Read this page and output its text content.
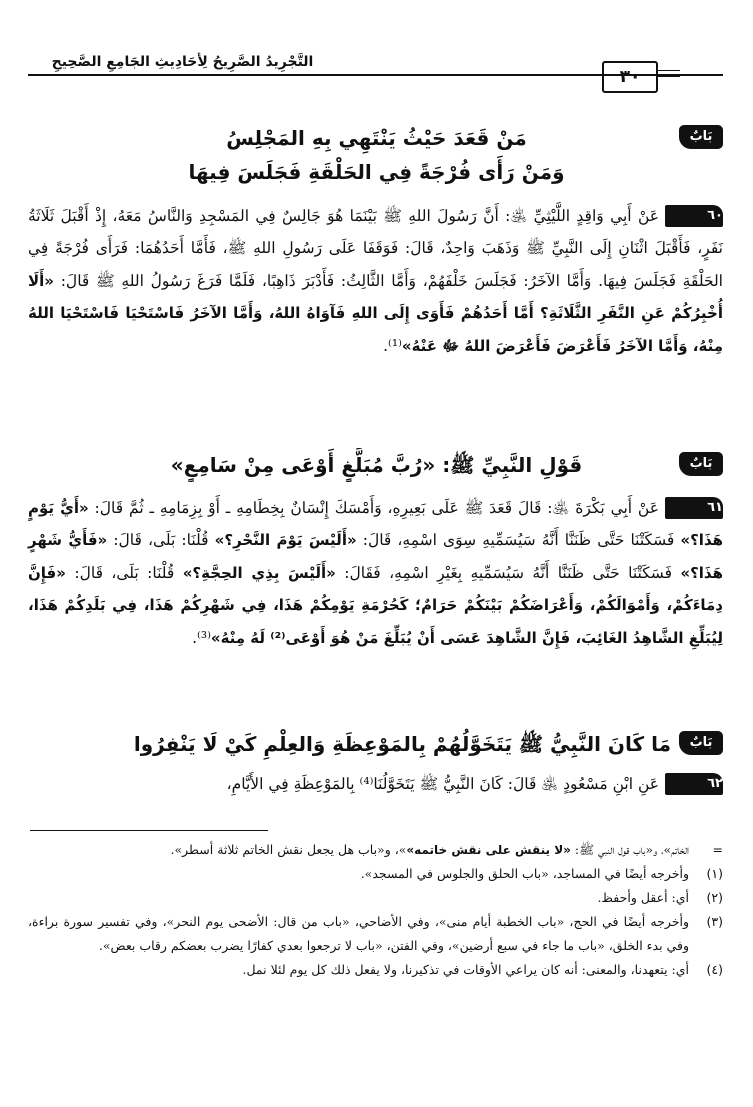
التَّجْرِيدُ الصَّرِيحُ لِأَحَادِيثِ الجَامِعِ الصَّحِيحِ
٣٠
بَابٌ
مَنْ قَعَدَ حَيْثُ يَنْتَهِي بِهِ المَجْلِسُ
وَمَنْ رَأَى فُرْجَةً فِي الحَلْقَةِ فَجَلَسَ فِيهَا
٦٠
عَنْ أَبِي وَاقِدٍ اللَّيْثِيِّ ﵁: أَنَّ رَسُولَ اللهِ ﷺ بَيْنَمَا هُوَ جَالِسٌ فِي المَسْجِدِ وَالنَّاسُ مَعَهُ، إِذْ أَقْبَلَ ثَلَاثَةُ نَفَرٍ، فَأَقْبَلَ اثْنَانِ إِلَى النَّبِيِّ ﷺ وَذَهَبَ وَاحِدٌ، قَالَ: فَوَقَفَا عَلَى رَسُولِ اللهِ ﷺ، فَأَمَّا أَحَدُهُمَا: فَرَأَى فُرْجَةً فِي الحَلْقَةِ فَجَلَسَ فِيهَا. وَأَمَّا الآخَرُ: فَجَلَسَ خَلْفَهُمْ، وَأَمَّا الثَّالِثُ: فَأَدْبَرَ ذَاهِبًا، فَلَمَّا فَرَغَ رَسُولُ اللهِ ﷺ قَالَ: «أَلَا أُخْبِرُكُمْ عَنِ النَّفَرِ الثَّلَاثَةِ؟ أَمَّا أَحَدُهُمْ فَأَوَى إِلَى اللهِ فَآوَاهُ اللهُ، وَأَمَّا الآخَرُ فَاسْتَحْيَا فَاسْتَحْيَا اللهُ مِنْهُ، وَأَمَّا الآخَرُ فَأَعْرَضَ فَأَعْرَضَ اللهُ ﷻ عَنْهُ»⁽¹⁾.
بَابٌ
قَوْلِ النَّبِيِّ ﷺ: «رُبَّ مُبَلَّغٍ أَوْعَى مِنْ سَامِعٍ»
٦١
عَنْ أَبِي بَكْرَةَ ﵁: قَالَ قَعَدَ ﷺ عَلَى بَعِيرِهِ، وَأَمْسَكَ إِنْسَانٌ بِخِطَامِهِ ـ أَوْ بِزِمَامِهِ ـ ثُمَّ قَالَ: «أَيُّ يَوْمٍ هَذَا؟» فَسَكَتْنَا حَتَّى ظَنَنَّا أَنَّهُ سَيُسَمِّيهِ سِوَى اسْمِهِ، قَالَ: «أَلَيْسَ يَوْمَ النَّحْرِ؟» قُلْنَا: بَلَى، قَالَ: «فَأَيُّ شَهْرٍ هَذَا؟» فَسَكَتْنَا حَتَّى ظَنَنَّا أَنَّهُ سَيُسَمِّيهِ بِغَيْرِ اسْمِهِ، فَقَالَ: «أَلَيْسَ بِذِي الحِجَّةِ؟» قُلْنَا: بَلَى، قَالَ: «فَإِنَّ دِمَاءَكُمْ، وَأَمْوَالَكُمْ، وَأَعْرَاضَكُمْ بَيْنَكُمْ حَرَامٌ؛ كَحُرْمَةِ يَوْمِكُمْ هَذَا، فِي شَهْرِكُمْ هَذَا، فِي بَلَدِكُمْ هَذَا، لِيُبَلِّغِ الشَّاهِدُ الغَائِبَ، فَإِنَّ الشَّاهِدَ عَسَى أَنْ يُبَلِّغَ مَنْ هُوَ أَوْعَى⁽²⁾ لَهُ مِنْهُ»⁽³⁾.
بَابٌ
مَا كَانَ النَّبِيُّ ﷺ يَتَخَوَّلُهُمْ بِالمَوْعِظَةِ وَالعِلْمِ كَيْ لَا يَنْفِرُوا
٦٢
عَنِ ابْنِ مَسْعُودٍ ﵁ قَالَ: كَانَ النَّبِيُّ ﷺ يَتَخَوَّلُنَا⁽⁴⁾ بِالمَوْعِظَةِ فِي الأَيَّامِ،
=
الخاتم»، و«باب قول النبي ﷺ: «لا ينقش على نقش خاتمه»»، و«باب هل يجعل نقش الخاتم ثلاثة أسطر».
(١)
وأخرجه أيضًا في المساجد، «باب الحلق والجلوس في المسجد».
(٢)
أي: أعقل وأحفظ.
(٣)
وأخرجه أيضًا في الحج، «باب الخطبة أيام منى»، وفي الأضاحي، «باب من قال: الأضحى يوم النحر»، وفي تفسير سورة براءة، وفي بدء الخلق، «باب ما جاء في سبع أرضين»، وفي الفتن، «باب لا ترجعوا بعدي كفارًا يضرب بعضكم رقاب بعض».
(٤)
أي: يتعهدنا، والمعنى: أنه كان يراعي الأوقات في تذكيرنا، ولا يفعل ذلك كل يوم لئلا نمل.
